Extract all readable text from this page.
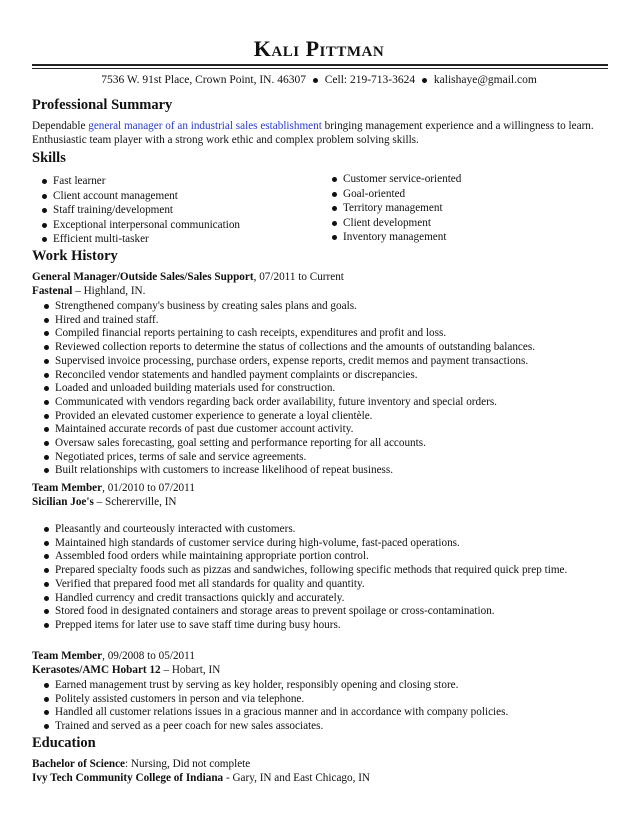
Kali Pittman
7536 W. 91st Place, Crown Point, IN. 46307 Cell: 219-713-3624 kalishaye@gmail.com
Professional Summary
Dependable general manager of an industrial sales establishment bringing management experience and a willingness to learn. Enthusiastic team player with a strong work ethic and complex problem solving skills.
Skills
Fast learner
Client account management
Staff training/development
Exceptional interpersonal communication
Efficient multi-tasker
Customer service-oriented
Goal-oriented
Territory management
Client development
Inventory management
Work History
General Manager/Outside Sales/Sales Support, 07/2011 to Current
Fastenal – Highland, IN.
Strengthened company's business by creating sales plans and goals.
Hired and trained staff.
Compiled financial reports pertaining to cash receipts, expenditures and profit and loss.
Reviewed collection reports to determine the status of collections and the amounts of outstanding balances.
Supervised invoice processing, purchase orders, expense reports, credit memos and payment transactions.
Reconciled vendor statements and handled payment complaints or discrepancies.
Loaded and unloaded building materials used for construction.
Communicated with vendors regarding back order availability, future inventory and special orders.
Provided an elevated customer experience to generate a loyal clientèle.
Maintained accurate records of past due customer account activity.
Oversaw sales forecasting, goal setting and performance reporting for all accounts.
Negotiated prices, terms of sale and service agreements.
Built relationships with customers to increase likelihood of repeat business.
Team Member, 01/2010 to 07/2011
Sicilian Joe's – Schererville, IN
Pleasantly and courteously interacted with customers.
Maintained high standards of customer service during high-volume, fast-paced operations.
Assembled food orders while maintaining appropriate portion control.
Prepared specialty foods such as pizzas and sandwiches, following specific methods that required quick prep time.
Verified that prepared food met all standards for quality and quantity.
Handled currency and credit transactions quickly and accurately.
Stored food in designated containers and storage areas to prevent spoilage or cross-contamination.
Prepped items for later use to save staff time during busy hours.
Team Member, 09/2008 to 05/2011
Kerasotes/AMC Hobart 12 – Hobart, IN
Earned management trust by serving as key holder, responsibly opening and closing store.
Politely assisted customers in person and via telephone.
Handled all customer relations issues in a gracious manner and in accordance with company policies.
Trained and served as a peer coach for new sales associates.
Education
Bachelor of Science: Nursing, Did not complete
Ivy Tech Community College of Indiana - Gary, IN and East Chicago, IN
